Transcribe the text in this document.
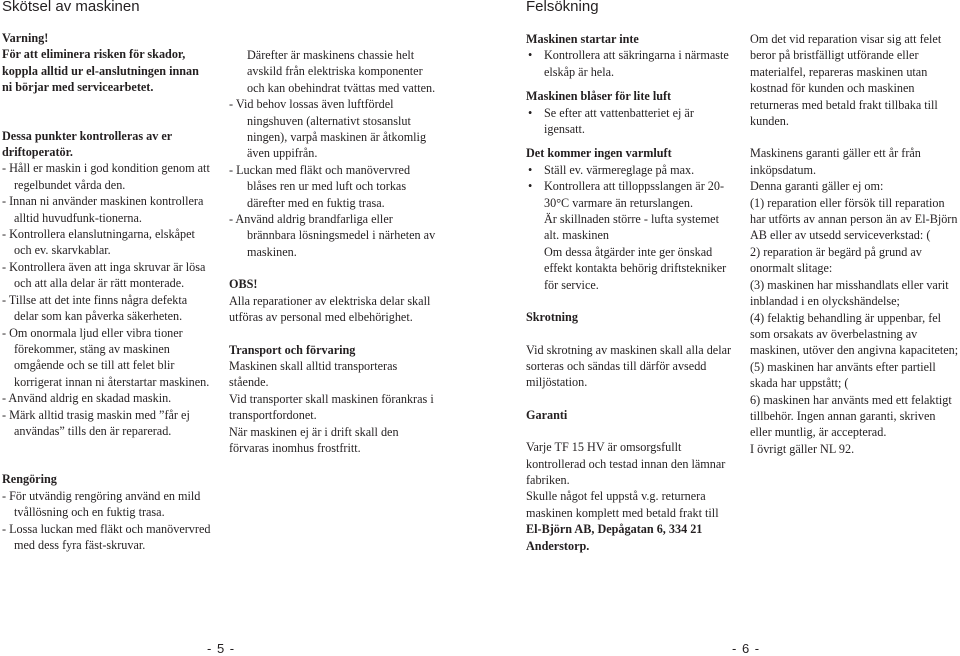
Skötsel av maskinen	Felsökning

Varning!

För att eliminera risken för skador, koppla alltid ur el-anslutningen innan ni börjar med servicearbetet.

Dessa punkter kontrolleras av er driftoperatör.

- Håll er maskin i god kondition genom att regelbundet vårda den.

- Innan ni använder maskinen kontrollera alltid huvudfunk-tionerna.

- Kontrollera elanslutningarna, elskåpet och ev. skarvkablar.

- Kontrollera även att inga skruvar är lösa och att alla delar är rätt monterade.

- Tillse att det inte finns några defekta delar som kan påverka säkerheten.

- Om onormala ljud eller vibra tioner förekommer, stäng av maskinen omgående och se till att felet blir korrigerat innan ni återstartar maskinen.

- Använd aldrig en skadad maskin.

- Märk alltid trasig maskin med ”får ej användas” tills den är reparerad.

Rengöring

- För utvändig rengöring använd en mild tvållösning och en fuktig trasa.

- Lossa luckan med fläkt och manövervred med dess fyra fäst-skruvar.

Därefter är maskinens chassie helt avskild från elektriska komponenter och kan obehindrat tvättas med vatten.

- Vid behov lossas även luftfördel ningshuven (alternativt stosanslut ningen), varpå maskinen är åtkomlig även uppifrån.

- Luckan med fläkt och manövervred blåses ren ur med luft och torkas därefter med en fuktig trasa.

- Använd aldrig brandfarliga eller brännbara lösningsmedel i närheten av maskinen.

OBS!

Alla reparationer av elektriska delar skall utföras av personal med elbehörighet.

Transport och förvaring

Maskinen skall alltid transporteras stående.

Vid transporter skall maskinen förankras i transportfordonet.

När maskinen ej är i drift skall den förvaras inomhus frostfritt.

Maskinen startar inte

• Kontrollera att säkringarna i närmaste elskåp är hela.

Maskinen blåser för lite luft

• Se efter att vattenbatteriet ej är igensatt.

Det kommer ingen varmluft

• Ställ ev. värmereglage på max.

• Kontrollera att tilloppsslangen är 20-30°C varmare än returslangen.

Är skillnaden större - lufta systemet alt. maskinen

Om dessa åtgärder inte ger önskad effekt kontakta behörig driftstekniker för service.

Skrotning

Vid skrotning av maskinen skall alla delar sorteras och sändas till därför avsedd miljöstation.

Garanti

Varje TF 15 HV är omsorgsfullt kontrollerad och testad innan den lämnar fabriken.

Skulle något fel uppstå v.g. returnera maskinen komplett med betald frakt till

El-Björn AB, Depågatan 6, 334 21 Anderstorp.

Om det vid reparation visar sig att felet beror på bristfälligt utförande eller materialfel, repareras maskinen utan kostnad för kunden och maskinen returneras med betald frakt tillbaka till kunden.

Maskinens garanti gäller ett år från inköpsdatum.

Denna garanti gäller ej om:

(1) reparation eller försök till reparation har utförts av annan person än av El-Björn AB eller av utsedd serviceverkstad: (

2) reparation är begärd på grund av onormalt slitage:

(3) maskinen har misshandlats eller varit inblandad i en olyckshändelse;

(4) felaktig behandling är uppenbar, fel som orsakats av överbelastning av maskinen, utöver den angivna kapaciteten;

(5) maskinen har använts efter partiell skada har uppstått; (

6) maskinen har använts med ett felaktigt tillbehör. Ingen annan garanti, skriven eller muntlig, är accepterad.

I övrigt gäller NL 92.

- 5 -	- 6 -
